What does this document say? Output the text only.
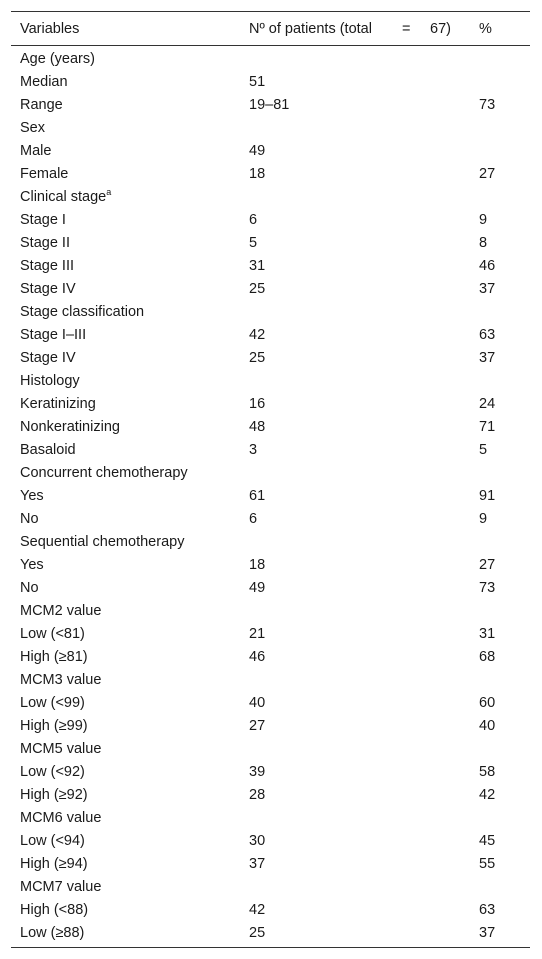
Variables	Nº of patients (total	=	67)	%
Age (years)
Median	51
Range	19–81	73
Sex
Male	49
Female	18	27
Clinical stage$^a$
Stage I	6	9
Stage II	5	8
Stage III	31	46
Stage IV	25	37
Stage classification
Stage I–III	42	63
Stage IV	25	37
Histology
Keratinizing	16	24
Nonkeratinizing	48	71
Basaloid	3	5
Concurrent chemotherapy
Yes	61	91
No	6	9
Sequential chemotherapy
Yes	18	27
No	49	73
MCM2 value
Low (<81)	21	31
High (≥81)	46	68
MCM3 value
Low (<99)	40	60
High (≥99)	27	40
MCM5 value
Low (<92)	39	58
High (≥92)	28	42
MCM6 value
Low (<94)	30	45
High (≥94)	37	55
MCM7 value
High (<88)	42	63
Low (≥88)	25	37
